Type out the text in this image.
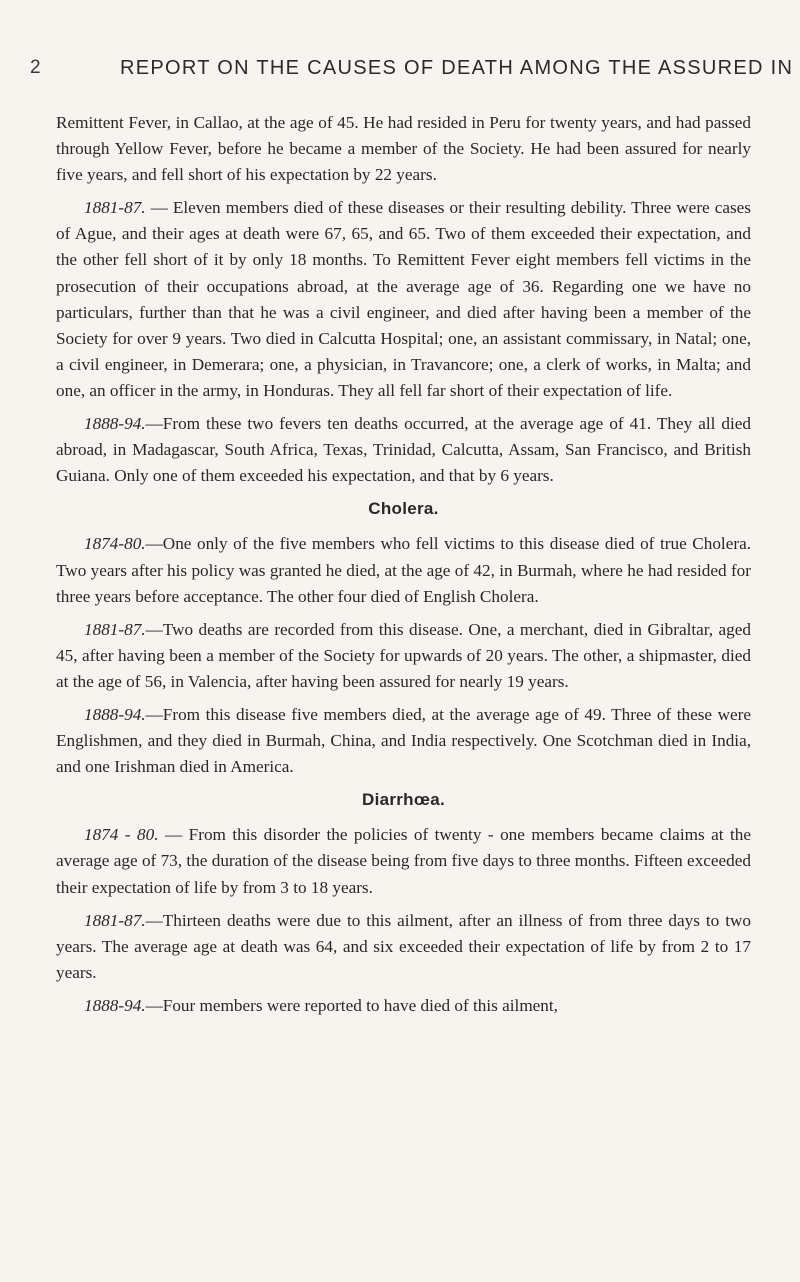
2	REPORT ON THE CAUSES OF DEATH AMONG THE ASSURED IN

Remittent Fever, in Callao, at the age of 45. He had resided in Peru for twenty years, and had passed through Yellow Fever, before he became a member of the Society. He had been assured for nearly five years, and fell short of his expectation by 22 years.

1881-87. — Eleven members died of these diseases or their resulting debility. Three were cases of Ague, and their ages at death were 67, 65, and 65. Two of them exceeded their expectation, and the other fell short of it by only 18 months. To Remittent Fever eight members fell victims in the prosecution of their occupations abroad, at the average age of 36. Regarding one we have no particulars, further than that he was a civil engineer, and died after having been a member of the Society for over 9 years. Two died in Calcutta Hospital; one, an assistant commissary, in Natal; one, a civil engineer, in Demerara; one, a physician, in Travancore; one, a clerk of works, in Malta; and one, an officer in the army, in Honduras. They all fell far short of their expectation of life.

1888-94.—From these two fevers ten deaths occurred, at the average age of 41. They all died abroad, in Madagascar, South Africa, Texas, Trinidad, Calcutta, Assam, San Francisco, and British Guiana. Only one of them exceeded his expectation, and that by 6 years.

Cholera.

1874-80.—One only of the five members who fell victims to this disease died of true Cholera. Two years after his policy was granted he died, at the age of 42, in Burmah, where he had resided for three years before acceptance. The other four died of English Cholera.

1881-87.—Two deaths are recorded from this disease. One, a merchant, died in Gibraltar, aged 45, after having been a member of the Society for upwards of 20 years. The other, a shipmaster, died at the age of 56, in Valencia, after having been assured for nearly 19 years.

1888-94.—From this disease five members died, at the average age of 49. Three of these were Englishmen, and they died in Burmah, China, and India respectively. One Scotchman died in India, and one Irishman died in America.

Diarrhœa.

1874 - 80. — From this disorder the policies of twenty - one members became claims at the average age of 73, the duration of the disease being from five days to three months. Fifteen exceeded their expectation of life by from 3 to 18 years.

1881-87.—Thirteen deaths were due to this ailment, after an illness of from three days to two years. The average age at death was 64, and six exceeded their expectation of life by from 2 to 17 years.

1888-94.—Four members were reported to have died of this ailment,
